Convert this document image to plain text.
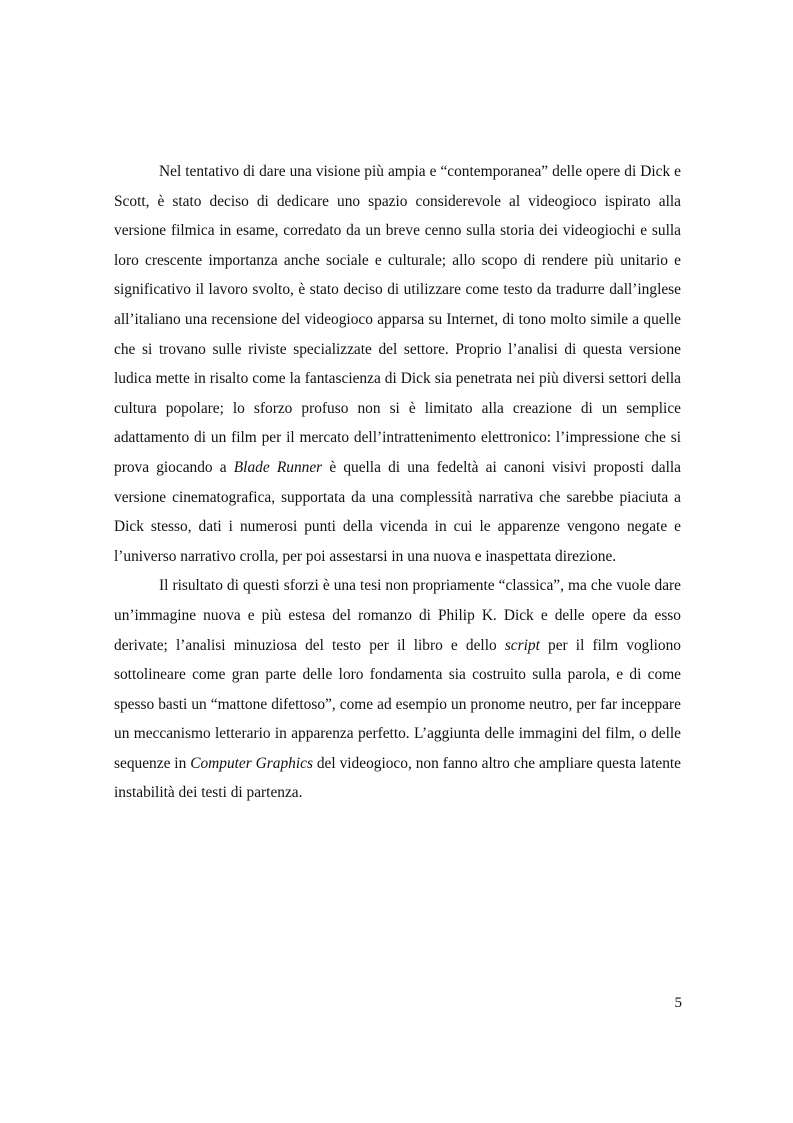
Nel tentativo di dare una visione più ampia e “contemporanea” delle opere di Dick e Scott, è stato deciso di dedicare uno spazio considerevole al videogioco ispirato alla versione filmica in esame, corredato da un breve cenno sulla storia dei videogiochi e sulla loro crescente importanza anche sociale e culturale; allo scopo di rendere più unitario e significativo il lavoro svolto, è stato deciso di utilizzare come testo da tradurre dall’inglese all’italiano una recensione del videogioco apparsa su Internet, di tono molto simile a quelle che si trovano sulle riviste specializzate del settore. Proprio l’analisi di questa versione ludica mette in risalto come la fantascienza di Dick sia penetrata nei più diversi settori della cultura popolare; lo sforzo profuso non si è limitato alla creazione di un semplice adattamento di un film per il mercato dell’intrattenimento elettronico: l’impressione che si prova giocando a Blade Runner è quella di una fedeltà ai canoni visivi proposti dalla versione cinematografica, supportata da una complessità narrativa che sarebbe piaciuta a Dick stesso, dati i numerosi punti della vicenda in cui le apparenze vengono negate e l’universo narrativo crolla, per poi assestarsi in una nuova e inaspettata direzione.

Il risultato di questi sforzi è una tesi non propriamente “classica”, ma che vuole dare un’immagine nuova e più estesa del romanzo di Philip K. Dick e delle opere da esso derivate; l’analisi minuziosa del testo per il libro e dello script per il film vogliono sottolineare come gran parte delle loro fondamenta sia costruito sulla parola, e di come spesso basti un “mattone difettoso”, come ad esempio un pronome neutro, per far inceppare un meccanismo letterario in apparenza perfetto. L’aggiunta delle immagini del film, o delle sequenze in Computer Graphics del videogioco, non fanno altro che ampliare questa latente instabilità dei testi di partenza.

5
